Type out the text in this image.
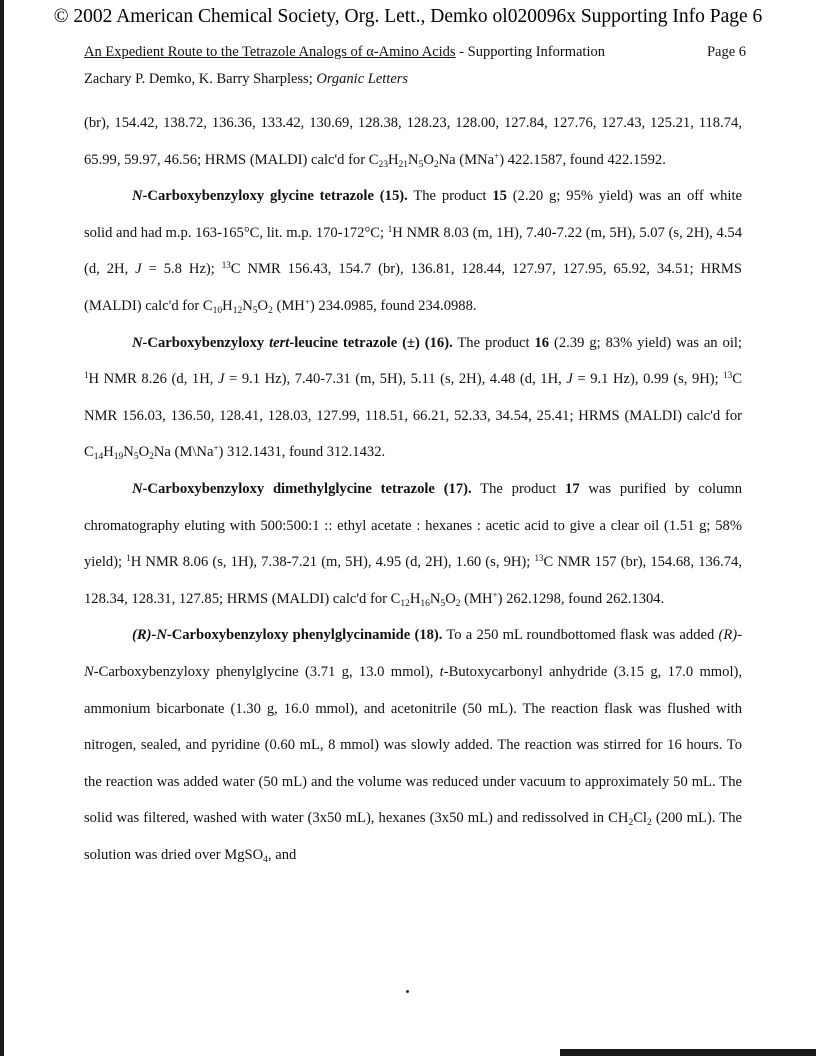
© 2002 American Chemical Society, Org. Lett., Demko ol020096x Supporting Info Page 6
An Expedient Route to the Tetrazole Analogs of α-Amino Acids - Supporting Information	Page 6
Zachary P. Demko, K. Barry Sharpless; Organic Letters

(br), 154.42, 138.72, 136.36, 133.42, 130.69, 128.38, 128.23, 128.00, 127.84, 127.76, 127.43, 125.21, 118.74, 65.99, 59.97, 46.56; HRMS (MALDI) calc'd for $C_{23}H_{21}N_5O_2Na$ (MNa+) 422.1587, found 422.1592.

N-Carboxybenzyloxy glycine tetrazole (15). The product 15 (2.20 g; 95% yield) was an off white solid and had m.p. 163-165°C, lit. m.p. 170-172°C; $^1$H NMR 8.03 (m, 1H), 7.40-7.22 (m, 5H), 5.07 (s, 2H), 4.54 (d, 2H, J = 5.8 Hz); $^{13}$C NMR 156.43, 154.7 (br), 136.81, 128.44, 127.97, 127.95, 65.92, 34.51; HRMS (MALDI) calc'd for $C_{10}H_{12}N_5O_2$ (MH+) 234.0985, found 234.0988.

N-Carboxybenzyloxy tert-leucine tetrazole (±) (16). The product 16 (2.39 g; 83% yield) was an oil; $^1$H NMR 8.26 (d, 1H, J = 9.1 Hz), 7.40-7.31 (m, 5H), 5.11 (s, 2H), 4.48 (d, 1H, J = 9.1 Hz), 0.99 (s, 9H); $^{13}$C NMR 156.03, 136.50, 128.41, 128.03, 127.99, 118.51, 66.21, 52.33, 34.54, 25.41; HRMS (MALDI) calc'd for $C_{14}H_{19}N_5O_2Na$ (M\Na+) 312.1431, found 312.1432.

N-Carboxybenzyloxy dimethylglycine tetrazole (17). The product 17 was purified by column chromatography eluting with 500:500:1 :: ethyl acetate : hexanes : acetic acid to give a clear oil (1.51 g; 58% yield); $^1$H NMR 8.06 (s, 1H), 7.38-7.21 (m, 5H), 4.95 (d, 2H), 1.60 (s, 9H); $^{13}$C NMR 157 (br), 154.68, 136.74, 128.34, 128.31, 127.85; HRMS (MALDI) calc'd for $C_{12}H_{16}N_5O_2$ (MH+) 262.1298, found 262.1304.

(R)-N-Carboxybenzyloxy phenylglycinamide (18). To a 250 mL roundbottomed flask was added (R)-N-Carboxybenzyloxy phenylglycine (3.71 g, 13.0 mmol), t-Butoxycarbonyl anhydride (3.15 g, 17.0 mmol), ammonium bicarbonate (1.30 g, 16.0 mmol), and acetonitrile (50 mL). The reaction flask was flushed with nitrogen, sealed, and pyridine (0.60 mL, 8 mmol) was slowly added. The reaction was stirred for 16 hours. To the reaction was added water (50 mL) and the volume was reduced under vacuum to approximately 50 mL. The solid was filtered, washed with water (3x50 mL), hexanes (3x50 mL) and redissolved in $CH_2Cl_2$ (200 mL). The solution was dried over MgSO$_4$, and
